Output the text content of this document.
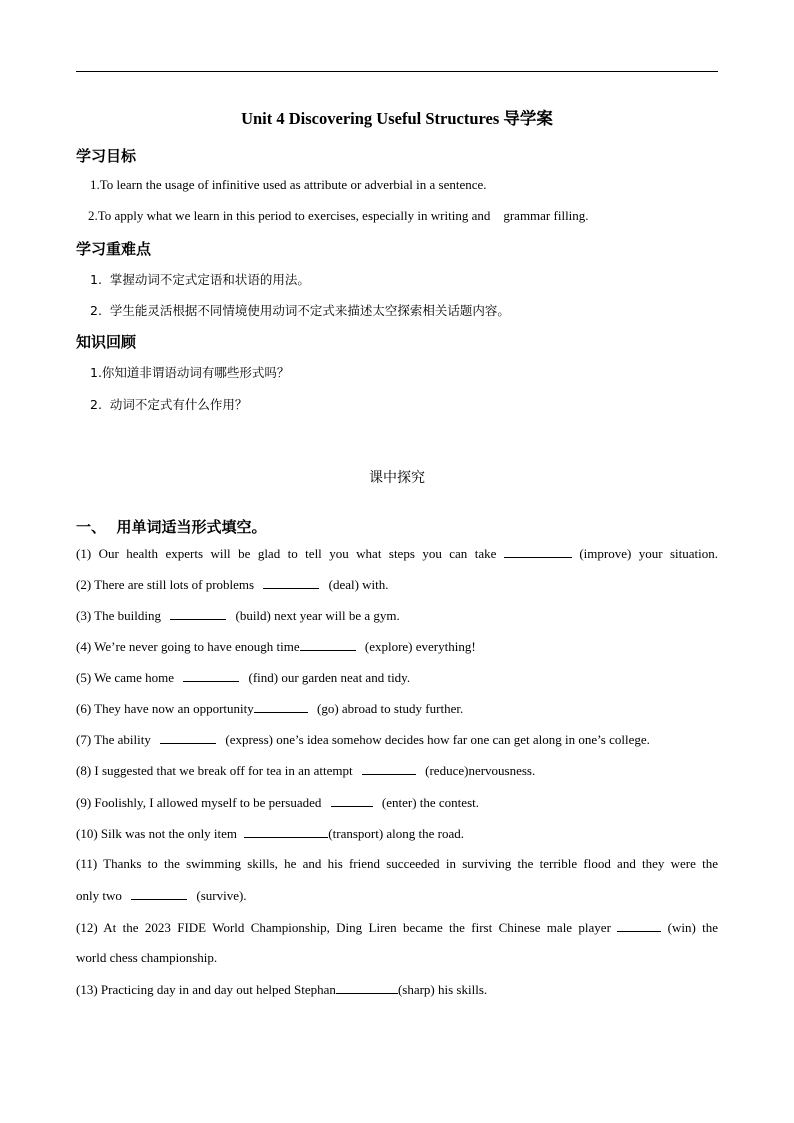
Unit 4 Discovering Useful Structures 导学案
学习目标
1.To learn the usage of infinitive used as attribute or adverbial in a sentence.
2.To apply what we learn in this period to exercises, especially in writing and    grammar filling.
学习重难点
1.  掌握动词不定式定语和状语的用法。
2.  学生能灵活根据不同情境使用动词不定式来描述太空探索相关话题内容。
知识回顾
1.你知道非谓语动词有哪些形式吗？
2.  动词不定式有什么作用？
课中探究
一、  用单词适当形式填空。
(1) Our health experts will be glad to tell you what steps you can take	(improve) your situation.
(2) There are still lots of problems	(deal) with.
(3) The building	(build) next year will be a gym.
(4) We’re never going to have enough time	(explore) everything!
(5) We came home	(find) our garden neat and tidy.
(6) They have now an opportunity	(go) abroad to study further.
(7) The ability	(express) one’s idea somehow decides how far one can get along in one’s college.
(8) I suggested that we break off for tea in an attempt	(reduce)nervousness.
(9) Foolishly, I allowed myself to be persuaded	(enter) the contest.
(10) Silk was not the only item	(transport) along the road.
(11) Thanks to the swimming skills, he and his friend succeeded in surviving the terrible flood and they were the
only two	(survive).
(12) At the 2023 FIDE World Championship, Ding Liren became the first Chinese male player	(win) the
world chess championship.
(13) Practicing day in and day out helped Stephan	(sharp) his skills.
